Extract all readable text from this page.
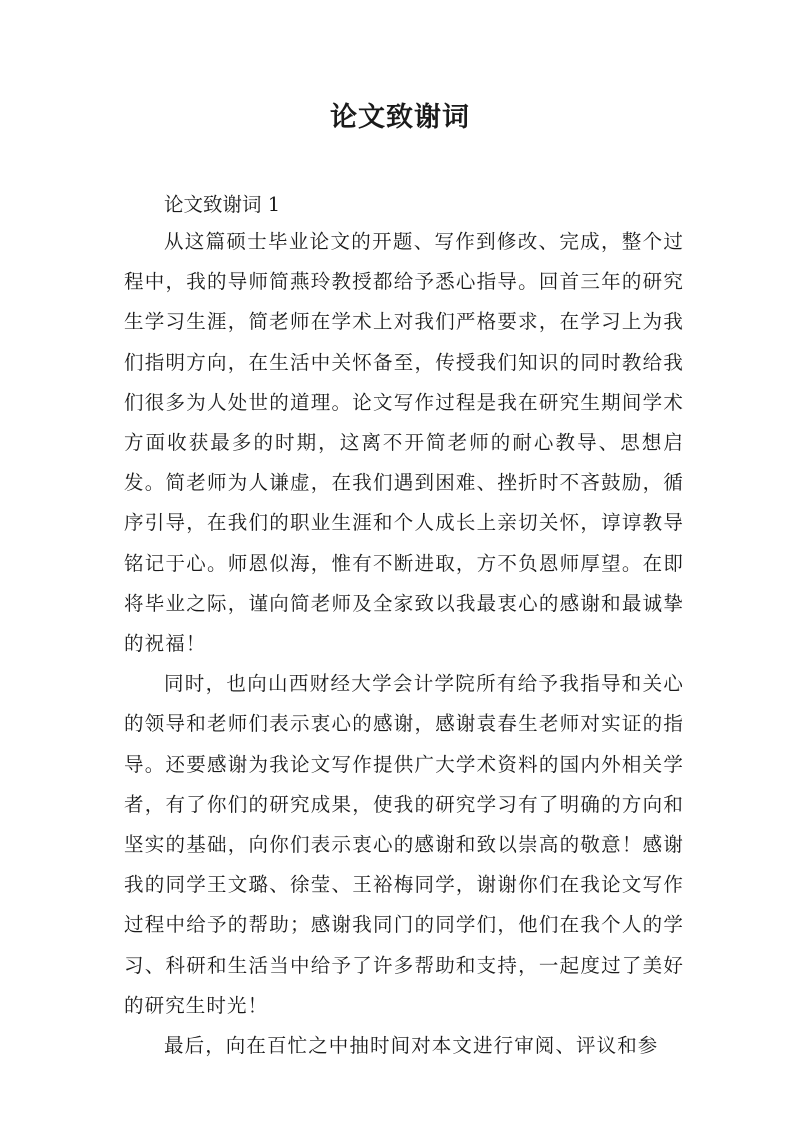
论文致谢词

论文致谢词 1

从这篇硕士毕业论文的开题、写作到修改、完成，整个过程中，我的导师简燕玲教授都给予悉心指导。回首三年的研究生学习生涯，简老师在学术上对我们严格要求，在学习上为我们指明方向，在生活中关怀备至，传授我们知识的同时教给我们很多为人处世的道理。论文写作过程是我在研究生期间学术方面收获最多的时期，这离不开简老师的耐心教导、思想启发。简老师为人谦虚，在我们遇到困难、挫折时不吝鼓励，循序引导，在我们的职业生涯和个人成长上亲切关怀，谆谆教导铭记于心。师恩似海，惟有不断进取，方不负恩师厚望。在即将毕业之际，谨向简老师及全家致以我最衷心的感谢和最诚挚的祝福！

同时，也向山西财经大学会计学院所有给予我指导和关心的领导和老师们表示衷心的感谢，感谢袁春生老师对实证的指导。还要感谢为我论文写作提供广大学术资料的国内外相关学者，有了你们的研究成果，使我的研究学习有了明确的方向和坚实的基础，向你们表示衷心的感谢和致以崇高的敬意！感谢我的同学王文璐、徐莹、王裕梅同学，谢谢你们在我论文写作过程中给予的帮助；感谢我同门的同学们，他们在我个人的学习、科研和生活当中给予了许多帮助和支持，一起度过了美好的研究生时光！

最后，向在百忙之中抽时间对本文进行审阅、评议和参
